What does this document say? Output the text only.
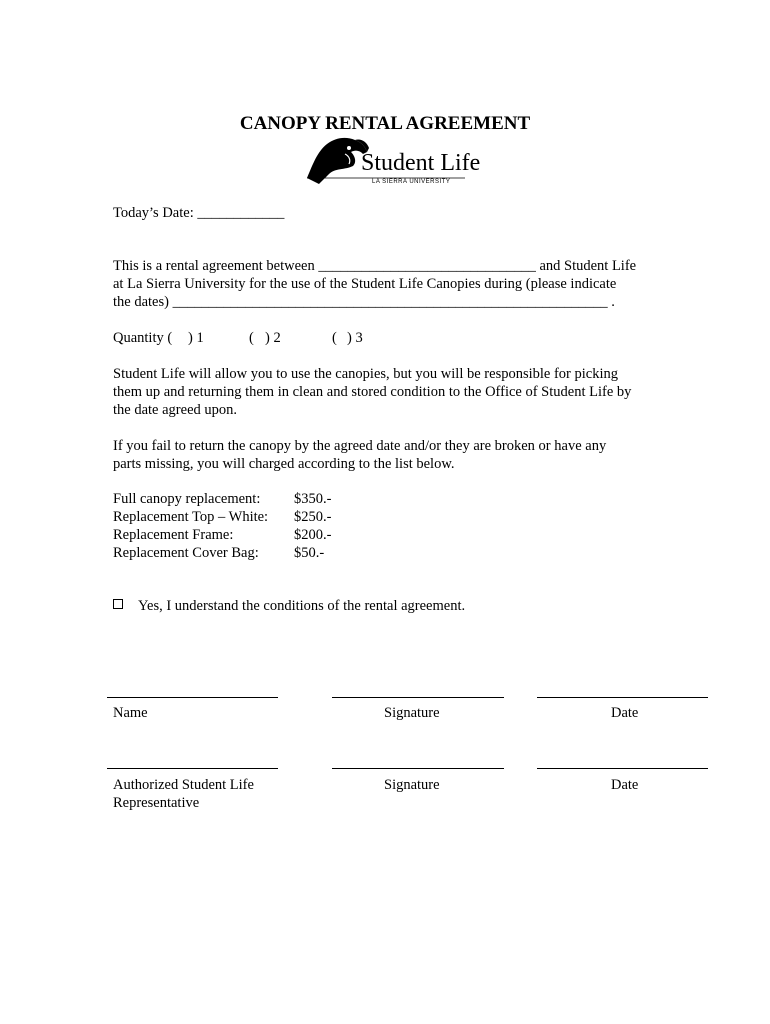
CANOPY RENTAL AGREEMENT
Student Life
LA SIERRA UNIVERSITY
Today’s Date: ____________
This is a rental agreement between ______________________________ and Student Life
at La Sierra University for the use of the Student Life Canopies during (please indicate
the dates) ____________________________________________________________ .
Quantity ( ) 1	( ) 2	( ) 3
Student Life will allow you to use the canopies, but you will be responsible for picking
them up and returning them in clean and stored condition to the Office of Student Life by
the date agreed upon.
If you fail to return the canopy by the agreed date and/or they are broken or have any
parts missing, you will charged according to the list below.
Full canopy replacement: $350.-
Replacement Top – White: $250.-
Replacement Frame:	$200.-
Replacement Cover Bag: $50.-
Yes, I understand the conditions of the rental agreement.
Name	Signature	Date
Authorized Student Life
Representative
Signature	Date
